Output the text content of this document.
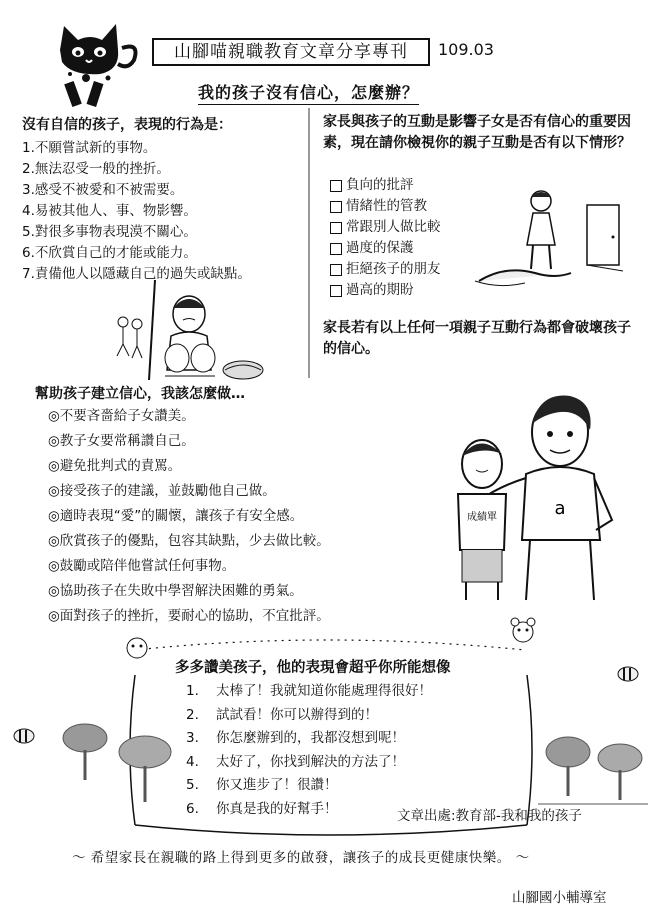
山腳喵親職教育文章分享專刊	109.03
我的孩子沒有信心，怎麼辦？
沒有自信的孩子，表現的行為是：
1.不願嘗試新的事物。
2.無法忍受一般的挫折。
3.感受不被愛和不被需要。
4.易被其他人、事、物影響。
5.對很多事物表現漠不關心。
6.不欣賞自己的才能或能力。
7.責備他人以隱藏自己的過失或缺點。
家長與孩子的互動是影響子女是否有信心的重要因素，現在請你檢視你的親子互動是否有以下情形？
負向的批評
情緒性的管教
常跟別人做比較
過度的保護
拒絕孩子的朋友
過高的期盼
家長若有以上任何一項親子互動行為都會破壞孩子的信心。
幫助孩子建立信心，我該怎麼做…
◎不要吝嗇給子女讚美。
◎教子女要常稱讚自己。
◎避免批判式的責罵。
◎接受孩子的建議，並鼓勵他自己做。
◎適時表現“愛”的關懷，讓孩子有安全感。
◎欣賞孩子的優點，包容其缺點，少去做比較。
◎鼓勵或陪伴他嘗試任何事物。
◎協助孩子在失敗中學習解決困難的勇氣。
◎面對孩子的挫折，要耐心的協助，不宜批評。
a
成績單
多多讚美孩子，他的表現會超乎你所能想像
1. 太棒了！我就知道你能處理得很好！
2. 試試看！你可以辦得到的！
3. 你怎麼辦到的，我都沒想到呢！
4. 太好了，你找到解決的方法了！
5. 你又進步了！很讚！
6. 你真是我的好幫手！	文章出處:教育部-我和我的孩子
～ 希望家長在親職的路上得到更多的啟發，讓孩子的成長更健康快樂。 ～
山腳國小輔導室
